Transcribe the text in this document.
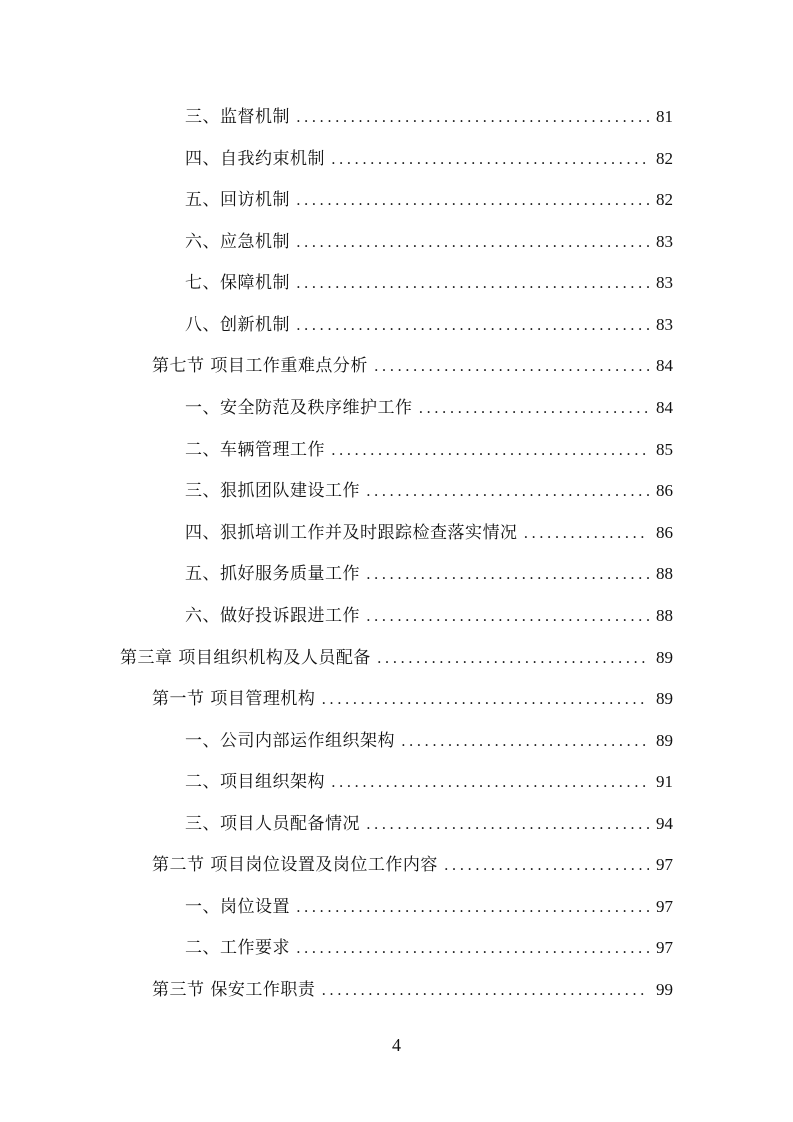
三、监督机制 .....	81
四、自我约束机制 .....	82
五、回访机制 .....	82
六、应急机制 .....	83
七、保障机制 .....	83
八、创新机制 .....	83
第七节 项目工作重难点分析 .....	84
一、安全防范及秩序维护工作 .....	84
二、车辆管理工作 .....	85
三、狠抓团队建设工作 .....	86
四、狠抓培训工作并及时跟踪检查落实情况 .....	86
五、抓好服务质量工作 .....	88
六、做好投诉跟进工作 .....	88
第三章 项目组织机构及人员配备 .....	89
第一节 项目管理机构 .....	89
一、公司内部运作组织架构 .....	89
二、项目组织架构 .....	91
三、项目人员配备情况 .....	94
第二节 项目岗位设置及岗位工作内容 .....	97
一、岗位设置 .....	97
二、工作要求 .....	97
第三节 保安工作职责 .....	99
4
